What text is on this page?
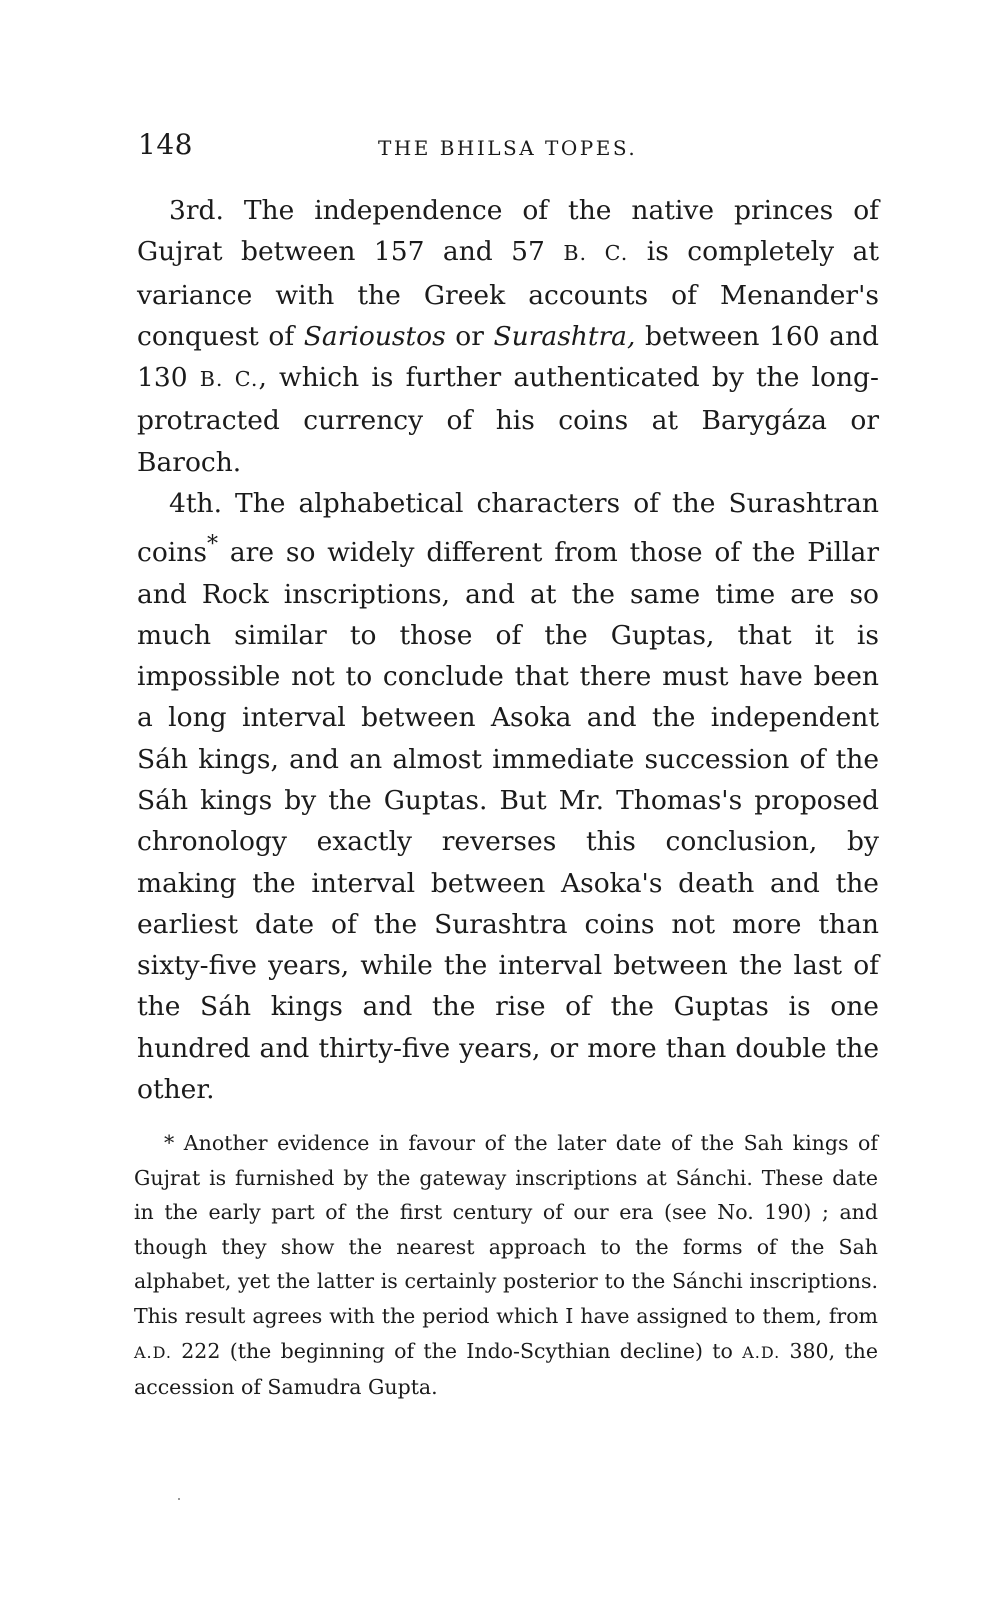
148	THE BHILSA TOPES.

3rd. The independence of the native princes of Gujrat between 157 and 57 B. C. is completely at variance with the Greek accounts of Menander's conquest of Sarioustos or Surashtra, between 160 and 130 B. C., which is further authenticated by the long-protracted currency of his coins at Barygáza or Baroch.

4th. The alphabetical characters of the Surashtran coins* are so widely different from those of the Pillar and Rock inscriptions, and at the same time are so much similar to those of the Guptas, that it is impossible not to conclude that there must have been a long interval between Asoka and the independent Sáh kings, and an almost immediate succession of the Sáh kings by the Guptas. But Mr. Thomas's proposed chronology exactly reverses this conclusion, by making the interval between Asoka's death and the earliest date of the Surashtra coins not more than sixty-five years, while the interval between the last of the Sáh kings and the rise of the Guptas is one hundred and thirty-five years, or more than double the other.

* Another evidence in favour of the later date of the Sah kings of Gujrat is furnished by the gateway inscriptions at Sánchi. These date in the early part of the first century of our era (see No. 190) ; and though they show the nearest approach to the forms of the Sah alphabet, yet the latter is certainly posterior to the Sánchi inscriptions. This result agrees with the period which I have assigned to them, from A.D. 222 (the beginning of the Indo-Scythian decline) to A.D. 380, the accession of Samudra Gupta.
